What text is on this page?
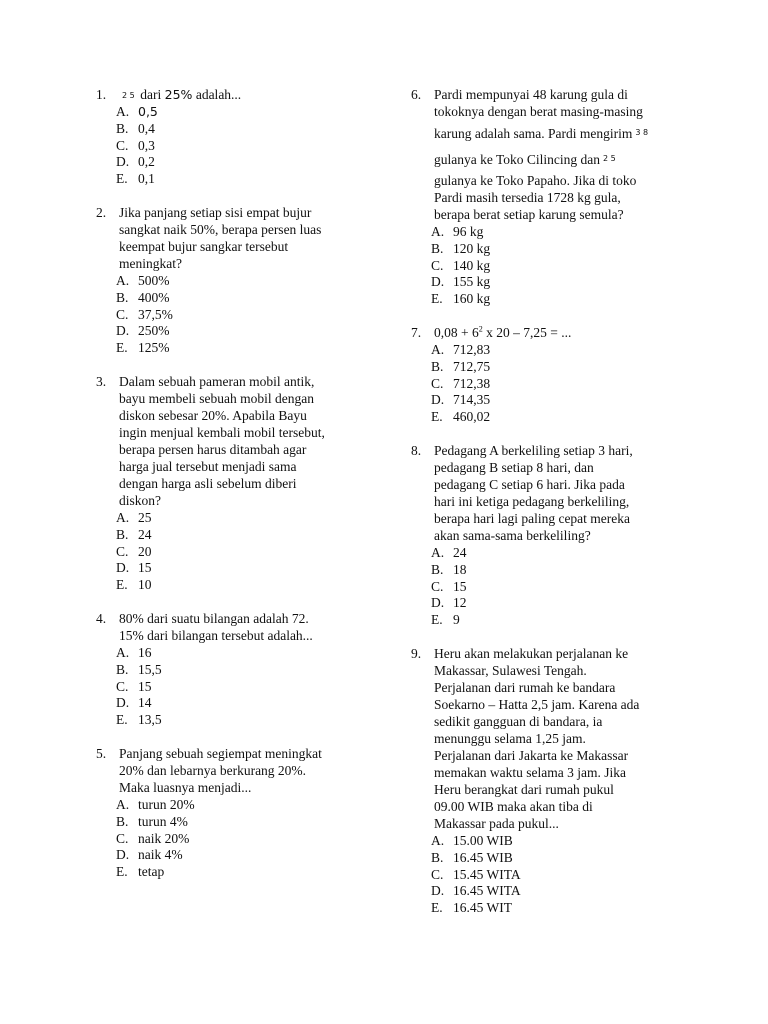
1.	2 5 dari 25% adalah...
A. 0,5
B. 0,4
C. 0,3
D. 0,2
E. 0,1
2. Jika panjang setiap sisi empat bujur
sangkat naik 50%, berapa persen luas
keempat bujur sangkar tersebut
meningkat?
A. 500%
B. 400%
C. 37,5%
D. 250%
E. 125%
3. Dalam sebuah pameran mobil antik,
bayu membeli sebuah mobil dengan
diskon sebesar 20%. Apabila Bayu
ingin menjual kembali mobil tersebut,
berapa persen harus ditambah agar
harga jual tersebut menjadi sama
dengan harga asli sebelum diberi
diskon?
A. 25
B. 24
C. 20
D. 15
E. 10
4. 80% dari suatu bilangan adalah 72.
15% dari bilangan tersebut adalah...
A. 16
B. 15,5
C. 15
D. 14
E. 13,5
5. Panjang sebuah segiempat meningkat
20% dan lebarnya berkurang 20%.
Maka luasnya menjadi...
A. turun 20%
B. turun 4%
C. naik 20%
D. naik 4%
E. tetap
6. Pardi mempunyai 48 karung gula di
tokoknya dengan berat masing-masing
karung adalah sama. Pardi mengirim 3 8
gulanya ke Toko Cilincing dan 2 5
gulanya ke Toko Papaho. Jika di toko
Pardi masih tersedia 1728 kg gula,
berapa berat setiap karung semula?
A. 96 kg
B. 120 kg
C. 140 kg
D. 155 kg
E. 160 kg
7. $0,08 + 6^2$ x 20 – 7,25 = ...
A. 712,83
B. 712,75
C. 712,38
D. 714,35
E. 460,02
8. Pedagang A berkeliling setiap 3 hari,
pedagang B setiap 8 hari, dan
pedagang C setiap 6 hari. Jika pada
hari ini ketiga pedagang berkeliling,
berapa hari lagi paling cepat mereka
akan sama-sama berkeliling?
A. 24
B. 18
C. 15
D. 12
E. 9
9. Heru akan melakukan perjalanan ke
Makassar, Sulawesi Tengah.
Perjalanan dari rumah ke bandara
Soekarno – Hatta 2,5 jam. Karena ada
sedikit gangguan di bandara, ia
menunggu selama 1,25 jam.
Perjalanan dari Jakarta ke Makassar
memakan waktu selama 3 jam. Jika
Heru berangkat dari rumah pukul
09.00 WIB maka akan tiba di
Makassar pada pukul...
A. 15.00 WIB
B. 16.45 WIB
C. 15.45 WITA
D. 16.45 WITA
E. 16.45 WIT
